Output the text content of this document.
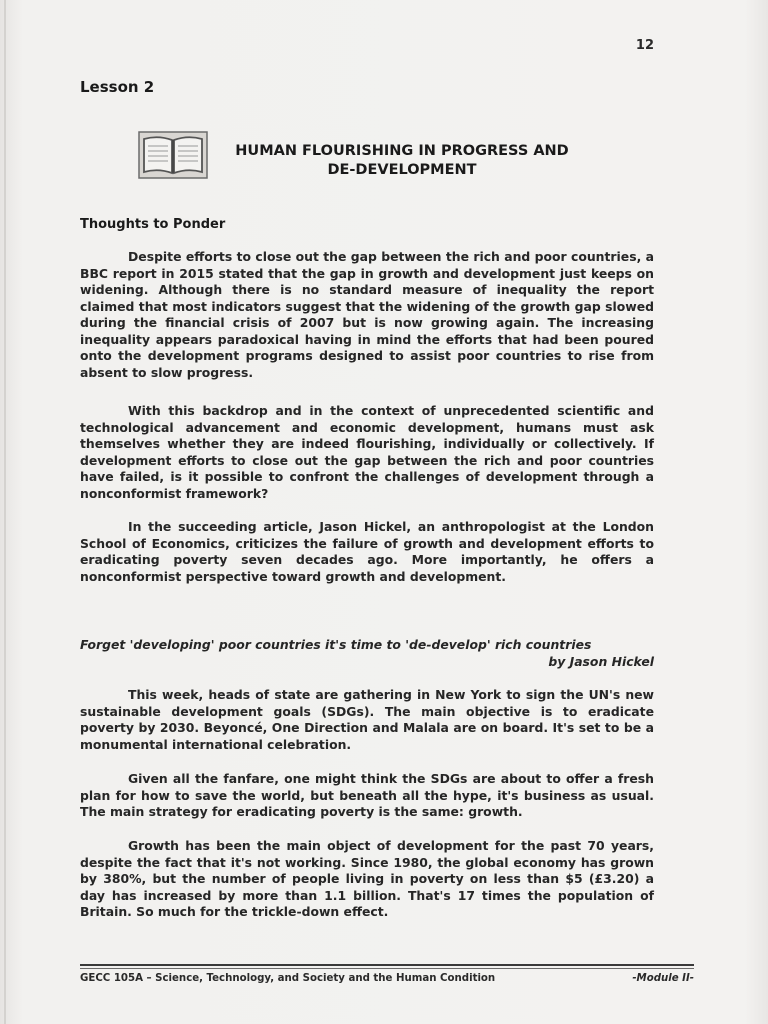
12
Lesson 2
HUMAN FLOURISHING IN PROGRESS AND
DE-DEVELOPMENT
Thoughts to Ponder

Despite efforts to close out the gap between the rich and poor countries, a BBC report in 2015 stated that the gap in growth and development just keeps on widening. Although there is no standard measure of inequality the report claimed that most indicators suggest that the widening of the growth gap slowed during the financial crisis of 2007 but is now growing again. The increasing inequality appears paradoxical having in mind the efforts that had been poured onto the development programs designed to assist poor countries to rise from absent to slow progress.

With this backdrop and in the context of unprecedented scientific and technological advancement and economic development, humans must ask themselves whether they are indeed flourishing, individually or collectively. If development efforts to close out the gap between the rich and poor countries have failed, is it possible to confront the challenges of development through a nonconformist framework?

In the succeeding article, Jason Hickel, an anthropologist at the London School of Economics, criticizes the failure of growth and development efforts to eradicating poverty seven decades ago. More importantly, he offers a nonconformist perspective toward growth and development.

Forget 'developing' poor countries it's time to 'de-develop' rich countries
by Jason Hickel

This week, heads of state are gathering in New York to sign the UN's new sustainable development goals (SDGs). The main objective is to eradicate poverty by 2030. Beyoncé, One Direction and Malala are on board. It's set to be a monumental international celebration.

Given all the fanfare, one might think the SDGs are about to offer a fresh plan for how to save the world, but beneath all the hype, it's business as usual. The main strategy for eradicating poverty is the same: growth.

Growth has been the main object of development for the past 70 years, despite the fact that it's not working. Since 1980, the global economy has grown by 380%, but the number of people living in poverty on less than $5 (£3.20) a day has increased by more than 1.1 billion. That's 17 times the population of Britain. So much for the trickle-down effect.

GECC 105A – Science, Technology, and Society and the Human Condition	-Module II-
